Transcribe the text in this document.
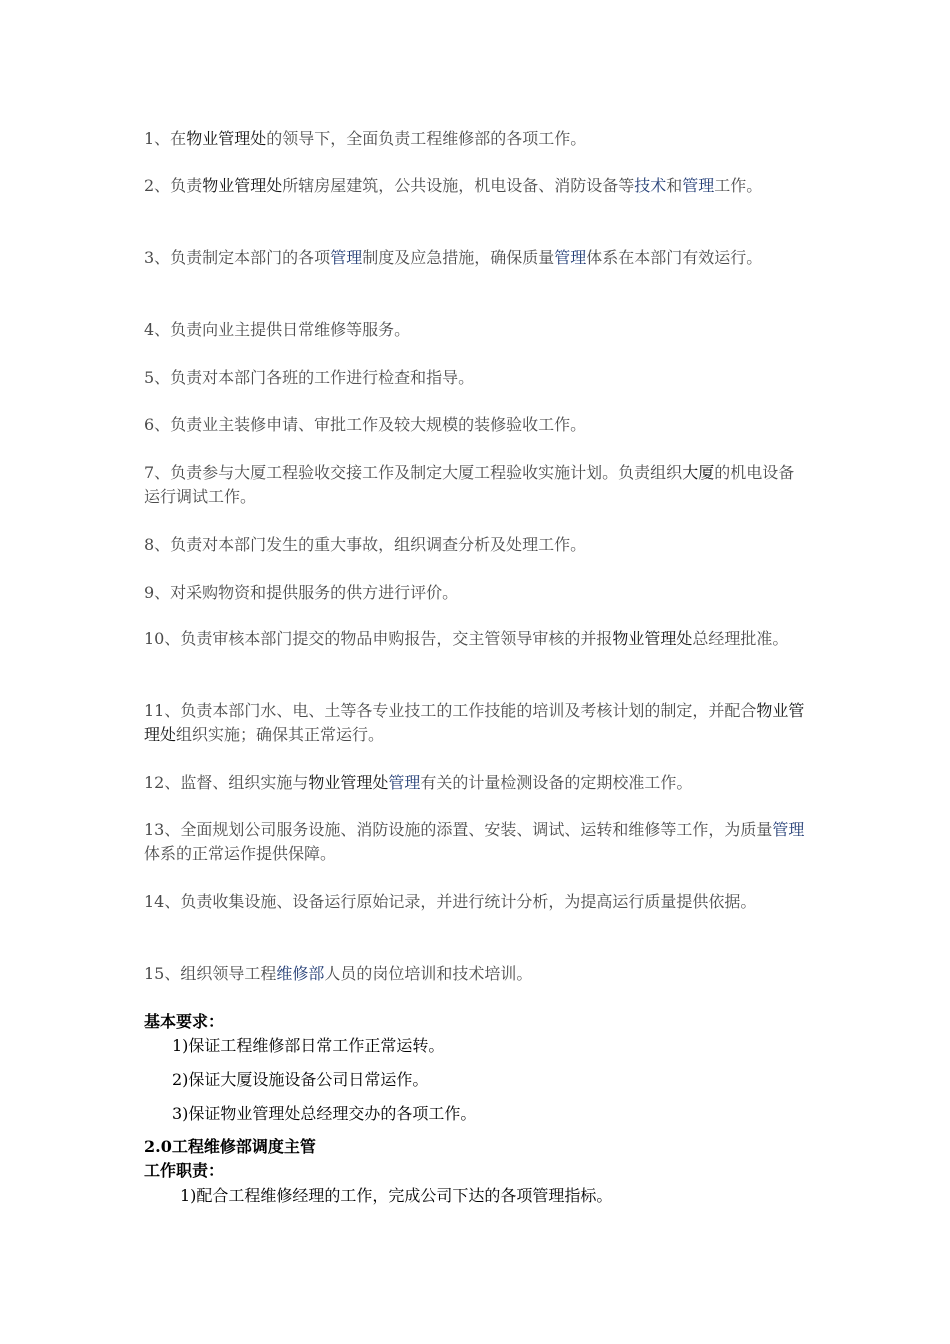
1、在物业管理处的领导下，全面负责工程维修部的各项工作。
2、负责物业管理处所辖房屋建筑，公共设施，机电设备、消防设备等技术和管理工作。
3、负责制定本部门的各项管理制度及应急措施，确保质量管理体系在本部门有效运行。
4、负责向业主提供日常维修等服务。
5、负责对本部门各班的工作进行检查和指导。
6、负责业主装修申请、审批工作及较大规模的装修验收工作。
7、负责参与大厦工程验收交接工作及制定大厦工程验收实施计划。负责组织大厦的机电设备运行调试工作。
8、负责对本部门发生的重大事故，组织调查分析及处理工作。
9、对采购物资和提供服务的供方进行评价。
10、负责审核本部门提交的物品申购报告，交主管领导审核的并报物业管理处总经理批准。
11、负责本部门水、电、土等各专业技工的工作技能的培训及考核计划的制定，并配合物业管理处组织实施；确保其正常运行。
12、监督、组织实施与物业管理处管理有关的计量检测设备的定期校准工作。
13、全面规划公司服务设施、消防设施的添置、安装、调试、运转和维修等工作，为质量管理体系的正常运作提供保障。
14、负责收集设施、设备运行原始记录，并进行统计分析，为提高运行质量提供依据。
15、组织领导工程维修部人员的岗位培训和技术培训。
基本要求：
1)保证工程维修部日常工作正常运转。
2)保证大厦设施设备公司日常运作。
3)保证物业管理处总经理交办的各项工作。
2.0工程维修部调度主管
工作职责：
1)配合工程维修经理的工作，完成公司下达的各项管理指标。
